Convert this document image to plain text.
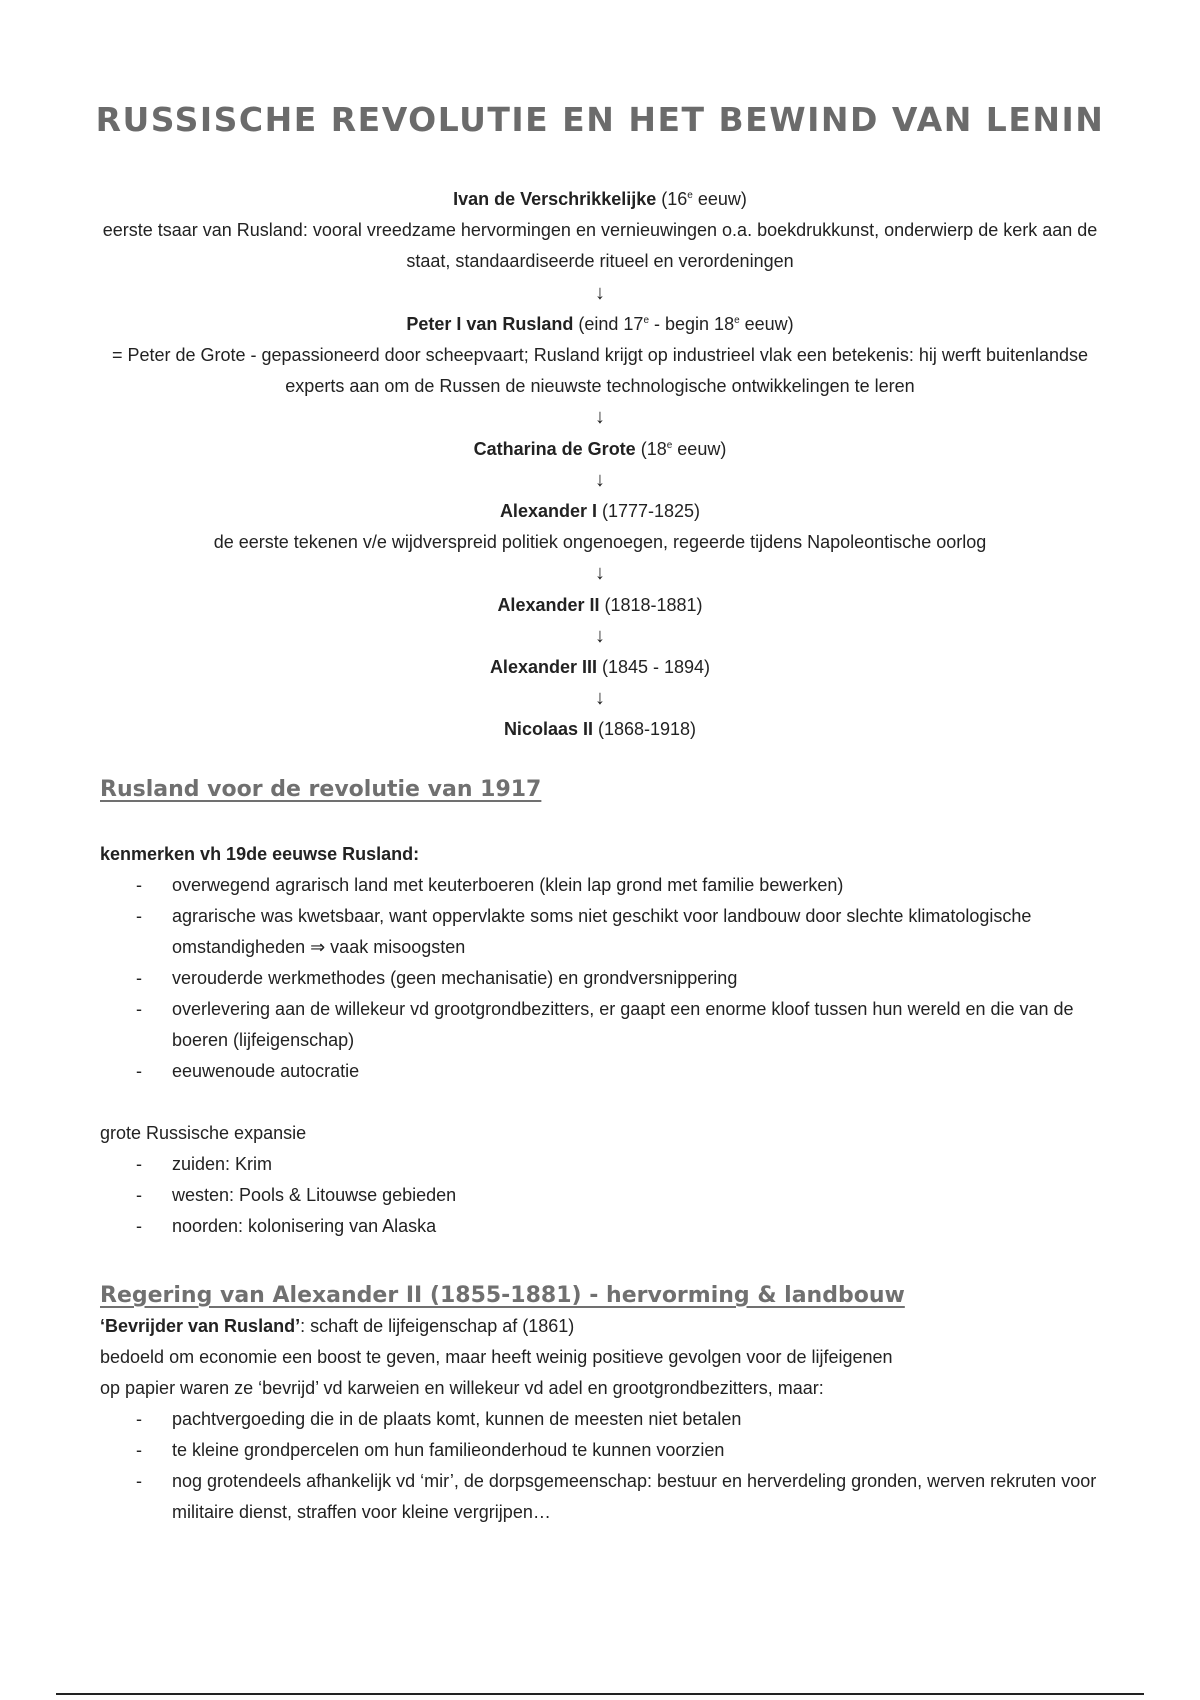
RUSSISCHE REVOLUTIE EN HET BEWIND VAN LENIN
Ivan de Verschrikkelijke (16e eeuw)
eerste tsaar van Rusland: vooral vreedzame hervormingen en vernieuwingen o.a. boekdrukkunst, onderwierp de kerk aan de staat, standaardiseerde ritueel en verordeningen
↓
Peter I van Rusland (eind 17e - begin 18e eeuw)
= Peter de Grote - gepassioneerd door scheepvaart; Rusland krijgt op industrieel vlak een betekenis: hij werft buitenlandse experts aan om de Russen de nieuwste technologische ontwikkelingen te leren
↓
Catharina de Grote (18e eeuw)
↓
Alexander I (1777-1825)
de eerste tekenen v/e wijdverspreid politiek ongenoegen, regeerde tijdens Napoleontische oorlog
↓
Alexander II (1818-1881)
↓
Alexander III (1845 - 1894)
↓
Nicolaas II (1868-1918)
Rusland voor de revolutie van 1917

kenmerken vh 19de eeuwse Rusland:

- overwegend agrarisch land met keuterboeren (klein lap grond met familie bewerken)
- agrarische was kwetsbaar, want oppervlakte soms niet geschikt voor landbouw door slechte klimatologische omstandigheden ⇒ vaak misoogsten
- verouderde werkmethodes (geen mechanisatie) en grondversnippering
- overlevering aan de willekeur vd grootgrondbezitters, er gaapt een enorme kloof tussen hun wereld en die van de boeren (lijfeigenschap)
- eeuwenoude autocratie

grote Russische expansie

- zuiden: Krim
- westen: Pools & Litouwse gebieden
- noorden: kolonisering van Alaska
Regering van Alexander II (1855-1881) - hervorming & landbouw

‘Bevrijder van Rusland’: schaft de lijfeigenschap af (1861)

bedoeld om economie een boost te geven, maar heeft weinig positieve gevolgen voor de lijfeigenen

op papier waren ze ‘bevrijd’ vd karweien en willekeur vd adel en grootgrondbezitters, maar:

- pachtvergoeding die in de plaats komt, kunnen de meesten niet betalen
- te kleine grondpercelen om hun familieonderhoud te kunnen voorzien
- nog grotendeels afhankelijk vd ‘mir’, de dorpsgemeenschap: bestuur en herverdeling gronden, werven rekruten voor militaire dienst, straffen voor kleine vergrijpen…
